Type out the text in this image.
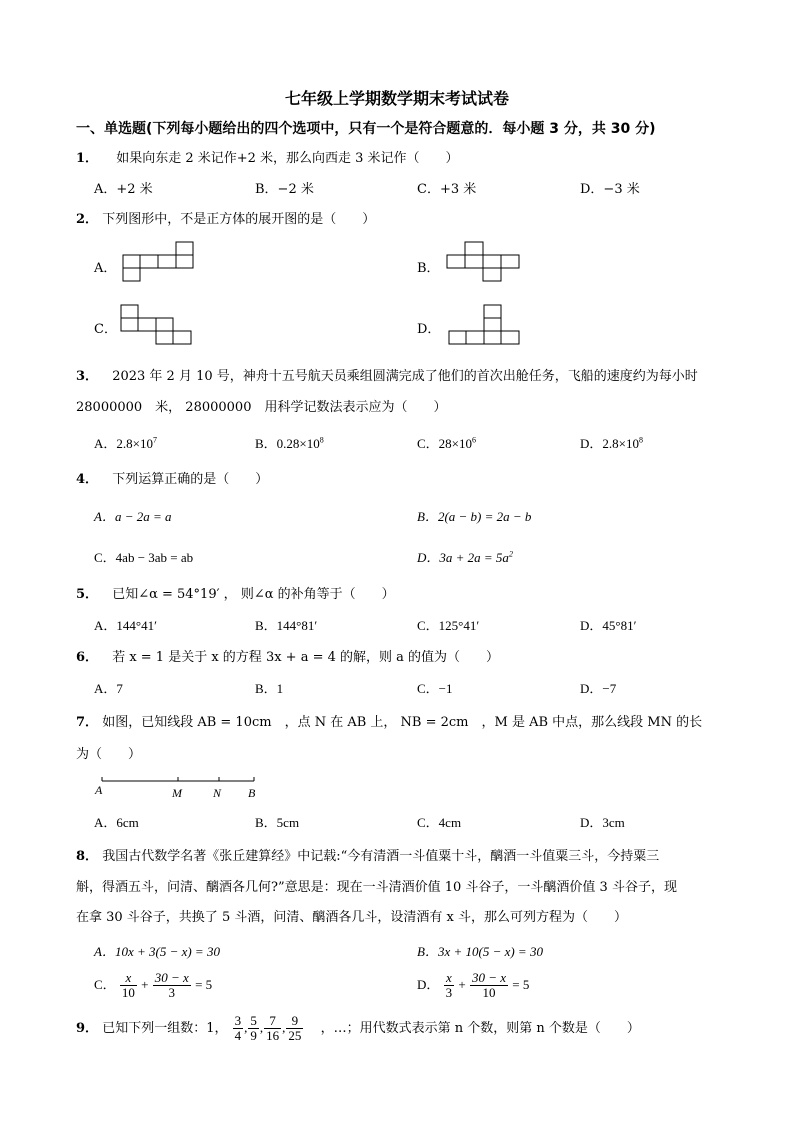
七年级上学期数学期末考试试卷
一、单选题(下列每小题给出的四个选项中，只有一个是符合题意的．每小题 3 分，共 30 分)
1． 如果向东走 2 米记作+2 米，那么向西走 3 米记作（　　）
A．+2 米	B．−2 米	C．+3 米	D．−3 米
2． 下列图形中，不是正方体的展开图的是（　　）
A．	B．
C．	D．
3． 2023 年 2 月 10 号，神舟十五号航天员乘组圆满完成了他们的首次出舱任务，飞船的速度约为每小时
28000000　米， 28000000　用科学记数法表示应为（　　）
A．$2.8\times 10^7$	B．$0.28\times 10^8$	C．$28\times 10^6$	D．$2.8\times 10^8$
4． 下列运算正确的是（　　）
A．a − 2a = a	B．2(a − b) = 2a − b
C．4ab − 3ab = ab	D．$3a + 2a = 5a^2$
5． 已知∠α = 54°19′ ， 则∠α 的补角等于（　　）
A．144°41′	B．144°81′	C．125°41′	D．45°81′
6． 若 x = 1 是关于 x 的方程 3x + a = 4 的解，则 a 的值为（　　）
A．7	B．1	C．−1	D．−7
7． 如图，已知线段 AB = 10cm　，点 N 在 AB 上， NB = 2cm　，M 是 AB 中点，那么线段 MN 的长
为（　　）
A	M	N B
A．6cm	B．5cm	C．4cm	D．3cm
8． 我国古代数学名著《张丘建算经》中记载:“今有清酒一斗值粟十斗，醨酒一斗值粟三斗，今持粟三
斛，得酒五斗，问清、醨酒各几何?”意思是：现在一斗清酒价值 10 斗谷子，一斗醨酒价值 3 斗谷子，现
在拿 30 斗谷子，共换了 5 斗酒，问清、醨酒各几斗，设清酒有 x 斗，那么可列方程为（　　）
A．10x + 3(5 − x) = 30	B．3x + 10(5 − x) = 30
C． $\frac{x}{10} + \frac{30 - x}{3} = 5$	D． $\frac{x}{3} + \frac{30 - x}{10} = 5$
9． 已知下列一组数：1， $\frac{3}{4}$ , $\frac{5}{9}$ , $\frac{7}{16}$ , $\frac{9}{25}$ 　，…；用代数式表示第 n 个数，则第 n 个数是（　　）
